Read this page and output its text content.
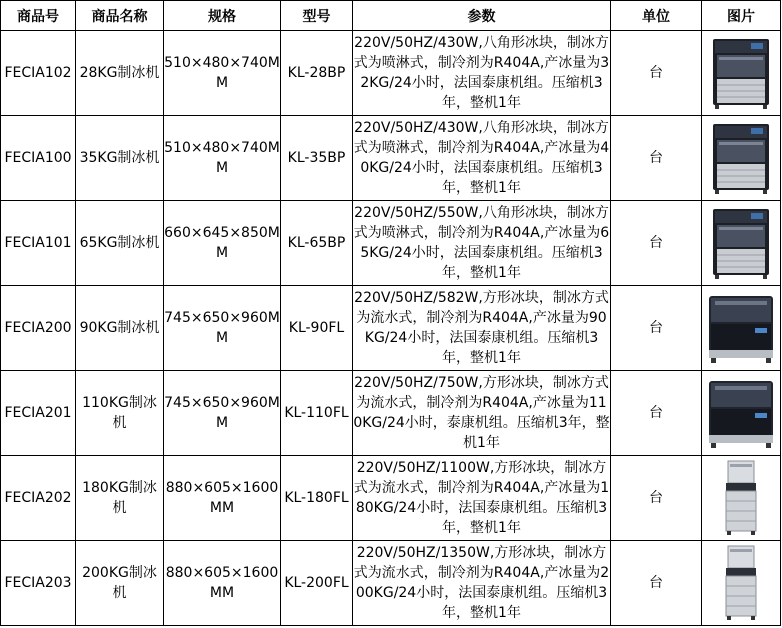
商品号	商品名称	规格	型号	参数	单位	图片
FECIA102	28KG制冰机	510×480×740MM	KL-28BP	220V/50HZ/430W,八角形冰块，制冰方式为喷淋式，制冷剂为R404A,产冰量为32KG/24小时，法国泰康机组。压缩机3年，整机1年	台	

FECIA100	35KG制冰机	510×480×740MM	KL-35BP	220V/50HZ/430W,八角形冰块，制冰方式为喷淋式，制冷剂为R404A,产冰量为40KG/24小时，法国泰康机组。压缩机3年，整机1年	台	

FECIA101	65KG制冰机	660×645×850MM	KL-65BP	220V/50HZ/550W,八角形冰块，制冰方式为喷淋式，制冷剂为R404A,产冰量为65KG/24小时，法国泰康机组。压缩机3年，整机1年	台	

FECIA200	90KG制冰机	745×650×960MM	KL-90FL	220V/50HZ/582W,方形冰块，制冰方式为流水式，制冷剂为R404A,产冰量为90KG/24小时，法国泰康机组。压缩机3年，整机1年	台	

FECIA201	110KG制冰机	745×650×960MM	KL-110FL	220V/50HZ/750W,方形冰块，制冰方式为流水式，制冷剂为R404A,产冰量为110KG/24小时，泰康机组。压缩机3年，整机1年	台	

FECIA202	180KG制冰机	880×605×1600MM	KL-180FL	220V/50HZ/1100W,方形冰块，制冰方式为流水式，制冷剂为R404A,产冰量为180KG/24小时，法国泰康机组。压缩机3年，整机1年	台	

FECIA203	200KG制冰机	880×605×1600MM	KL-200FL	220V/50HZ/1350W,方形冰块，制冰方式为流水式，制冷剂为R404A,产冰量为200KG/24小时，法国泰康机组。压缩机3年，整机1年	台	
